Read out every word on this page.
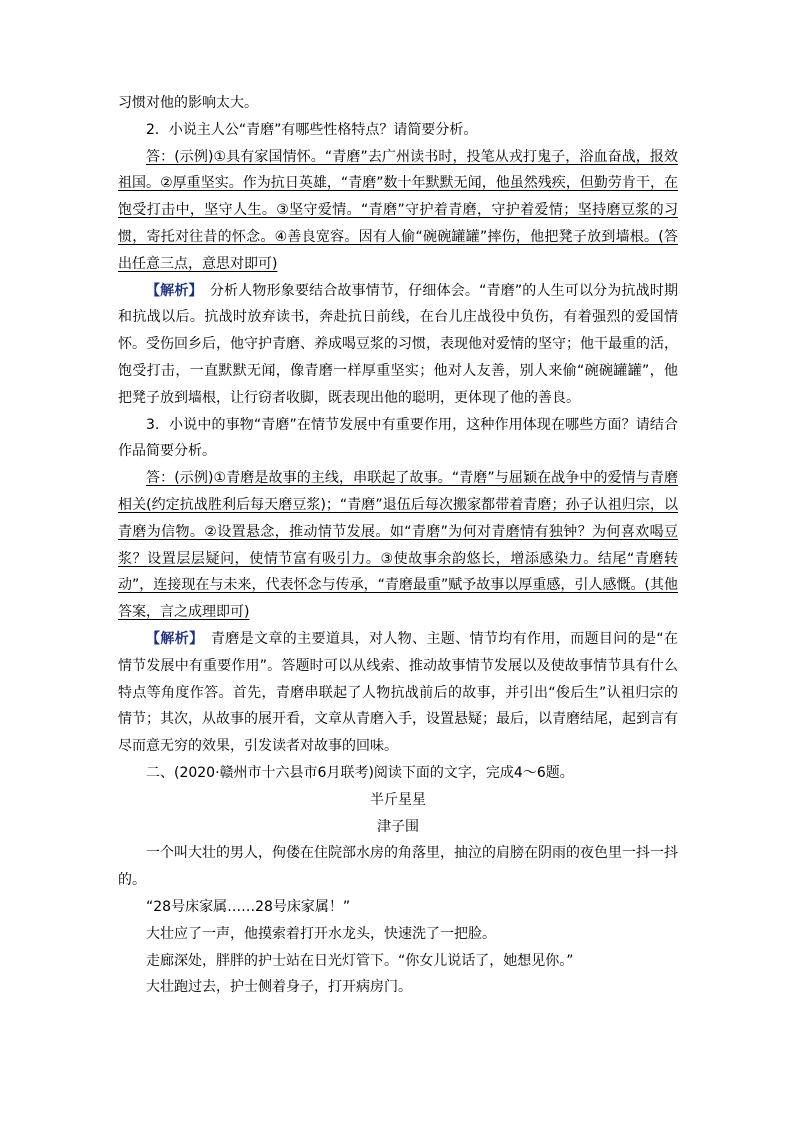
习惯对他的影响太大。

2．小说主人公“青磨”有哪些性格特点？请简要分析。

答：(示例)①具有家国情怀。“青磨”去广州读书时，投笔从戎打鬼子，浴血奋战，报效祖国。②厚重坚实。作为抗日英雄，“青磨”数十年默默无闻，他虽然残疾，但勤劳肯干，在饱受打击中，坚守人生。③坚守爱情。“青磨”守护着青磨，守护着爱情；坚持磨豆浆的习惯，寄托对往昔的怀念。④善良宽容。因有人偷“碗碗罐罐”摔伤，他把凳子放到墙根。(答出任意三点，意思对即可)

【解析】　分析人物形象要结合故事情节，仔细体会。“青磨”的人生可以分为抗战时期和抗战以后。抗战时放弃读书，奔赴抗日前线，在台儿庄战役中负伤，有着强烈的爱国情怀。受伤回乡后，他守护青磨、养成喝豆浆的习惯，表现他对爱情的坚守；他干最重的活，饱受打击，一直默默无闻，像青磨一样厚重坚实；他对人友善，别人来偷“碗碗罐罐”，他把凳子放到墙根，让行窃者收脚，既表现出他的聪明，更体现了他的善良。

3．小说中的事物“青磨”在情节发展中有重要作用，这种作用体现在哪些方面？请结合作品简要分析。

答：(示例)①青磨是故事的主线，串联起了故事。“青磨”与屈颖在战争中的爱情与青磨相关(约定抗战胜利后每天磨豆浆)；“青磨”退伍后每次搬家都带着青磨；孙子认祖归宗，以青磨为信物。②设置悬念，推动情节发展。如“青磨”为何对青磨情有独钟？为何喜欢喝豆浆？设置层层疑问，使情节富有吸引力。③使故事余韵悠长，增添感染力。结尾“青磨转动”，连接现在与未来，代表怀念与传承，“青磨最重”赋予故事以厚重感，引人感慨。(其他答案，言之成理即可)

【解析】　青磨是文章的主要道具，对人物、主题、情节均有作用，而题目问的是“在情节发展中有重要作用”。答题时可以从线索、推动故事情节发展以及使故事情节具有什么特点等角度作答。首先，青磨串联起了人物抗战前后的故事，并引出“俊后生”认祖归宗的情节；其次，从故事的展开看，文章从青磨入手，设置悬疑；最后，以青磨结尾，起到言有尽而意无穷的效果，引发读者对故事的回味。

二、(2020·赣州市十六县市6月联考)阅读下面的文字，完成4～6题。

半斤星星

津子围

一个叫大壮的男人，佝偻在住院部水房的角落里，抽泣的肩膀在阴雨的夜色里一抖一抖的。

“28号床家属……28号床家属！”

大壮应了一声，他摸索着打开水龙头，快速洗了一把脸。

走廊深处，胖胖的护士站在日光灯管下。“你女儿说话了，她想见你。”

大壮跑过去，护士侧着身子，打开病房门。
